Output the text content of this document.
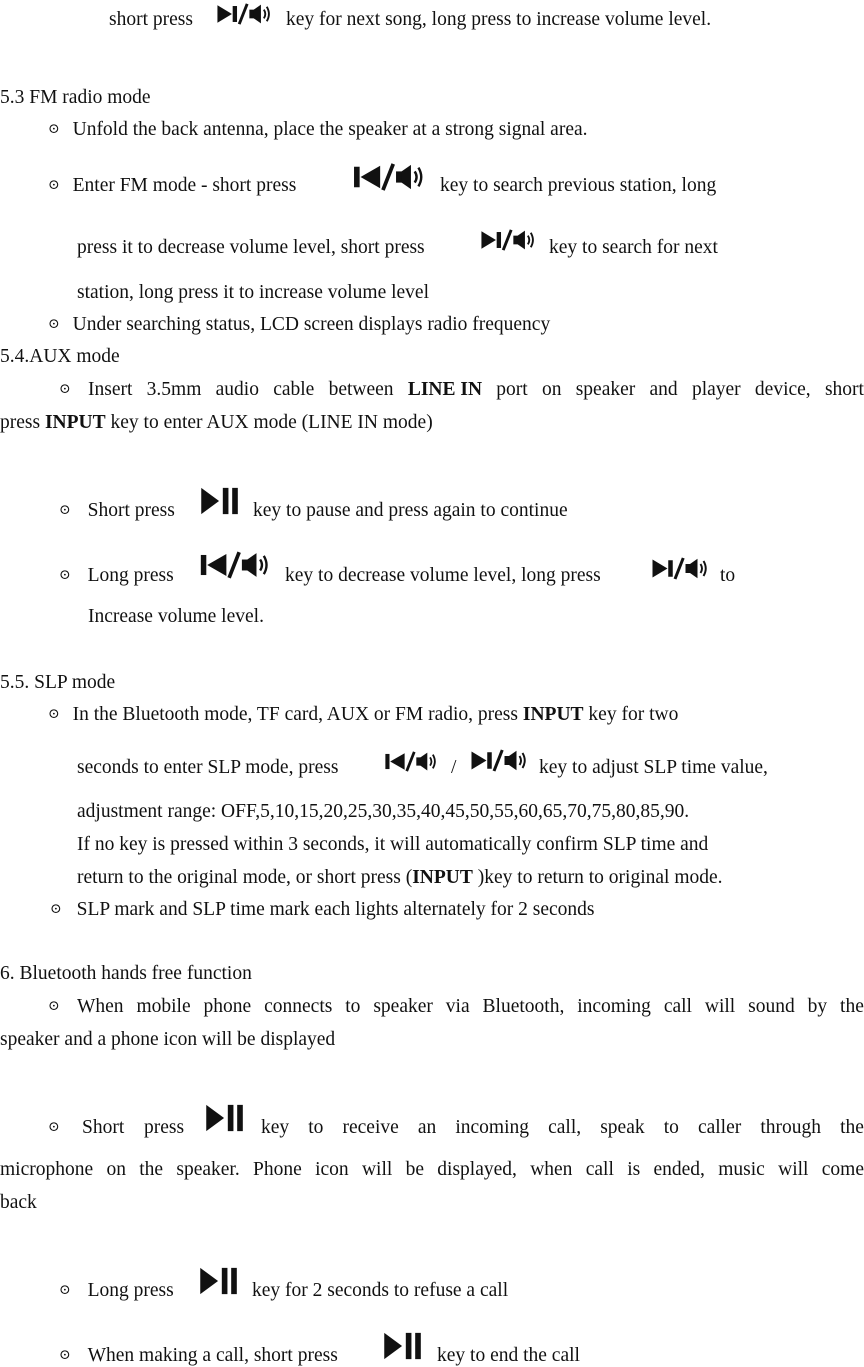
short press	key for next song, long press to increase volume level.
5.3 FM radio mode
⊙ Unfold the back antenna, place the speaker at a strong signal area.
⊙ Enter FM mode - short press	key to search previous station, long
press it to decrease volume level, short press	key to search for next
station, long press it to increase volume level
⊙ Under searching status, LCD screen displays radio frequency
5.4.AUX mode
⊙ Insert 3.5mm audio cable between LINE IN port on speaker and player device, short
press INPUT key to enter AUX mode (LINE IN mode)
⊙ Short press	key to pause and press again to continue
⊙ Long press	key to decrease volume level, long press	to
Increase volume level.
5.5. SLP mode
⊙ In the Bluetooth mode, TF card, AUX or FM radio, press INPUT key for two
seconds to enter SLP mode, press	/	key to adjust SLP time value,
adjustment range: OFF,5,10,15,20,25,30,35,40,45,50,55,60,65,70,75,80,85,90.
If no key is pressed within 3 seconds, it will automatically confirm SLP time and
return to the original mode, or short press (INPUT )key to return to original mode.
⊙ SLP mark and SLP time mark each lights alternately for 2 seconds
6. Bluetooth hands free function
⊙ When mobile phone connects to speaker via Bluetooth, incoming call will sound by the
speaker and a phone icon will be displayed
⊙ Short press	key to receive an incoming call, speak to caller through the
microphone on the speaker. Phone icon will be displayed, when call is ended, music will come
back
⊙ Long press	key for 2 seconds to refuse a call
⊙ When making a call, short press	key to end the call
